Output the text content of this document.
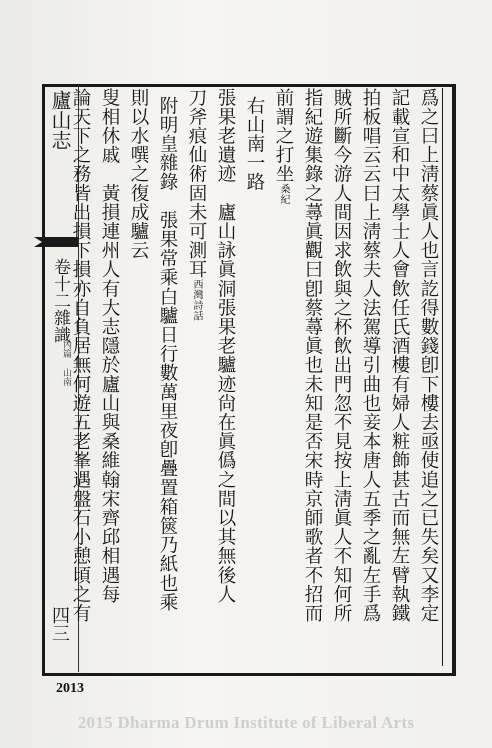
廬山志
卷十二雜識
內篇 山南
四三
爲之曰上淸蔡眞人也言訖得數錢卽下樓去亟使追之已失矣又李定
記載宣和中太學士人會飲任氏酒樓有婦人粧飾甚古而無左臂執鐵
拍板唱云云曰上淸蔡夫人法駕導引曲也妾本唐人五季之亂左手爲
賊所斷今游人間因求飲與之杯飲出門忽不見按上淸眞人不知何所
指紀遊集錄之蕁眞觀曰卽蔡蕁眞也未知是否宋時京師歌者不招而
前謂之打坐桑紀
右山南一路
張果老遺迹　廬山詠眞洞張果老驢迹尙在眞僞之間以其無後人
刀斧痕仙術固未可測耳西灣詩話
附明皇雜錄　張果常乘白驢日行數萬里夜卽疊置箱篋乃紙也乘
則以水噀之復成驢云
叟相休戚　黃損連州人有大志隱於廬山與桑維翰宋齊邱相遇每
論天下之務皆出損下損亦自負居無何遊五老峯遇盤石小憩頃之有
2013
2015 Dharma Drum Institute of Liberal Arts
